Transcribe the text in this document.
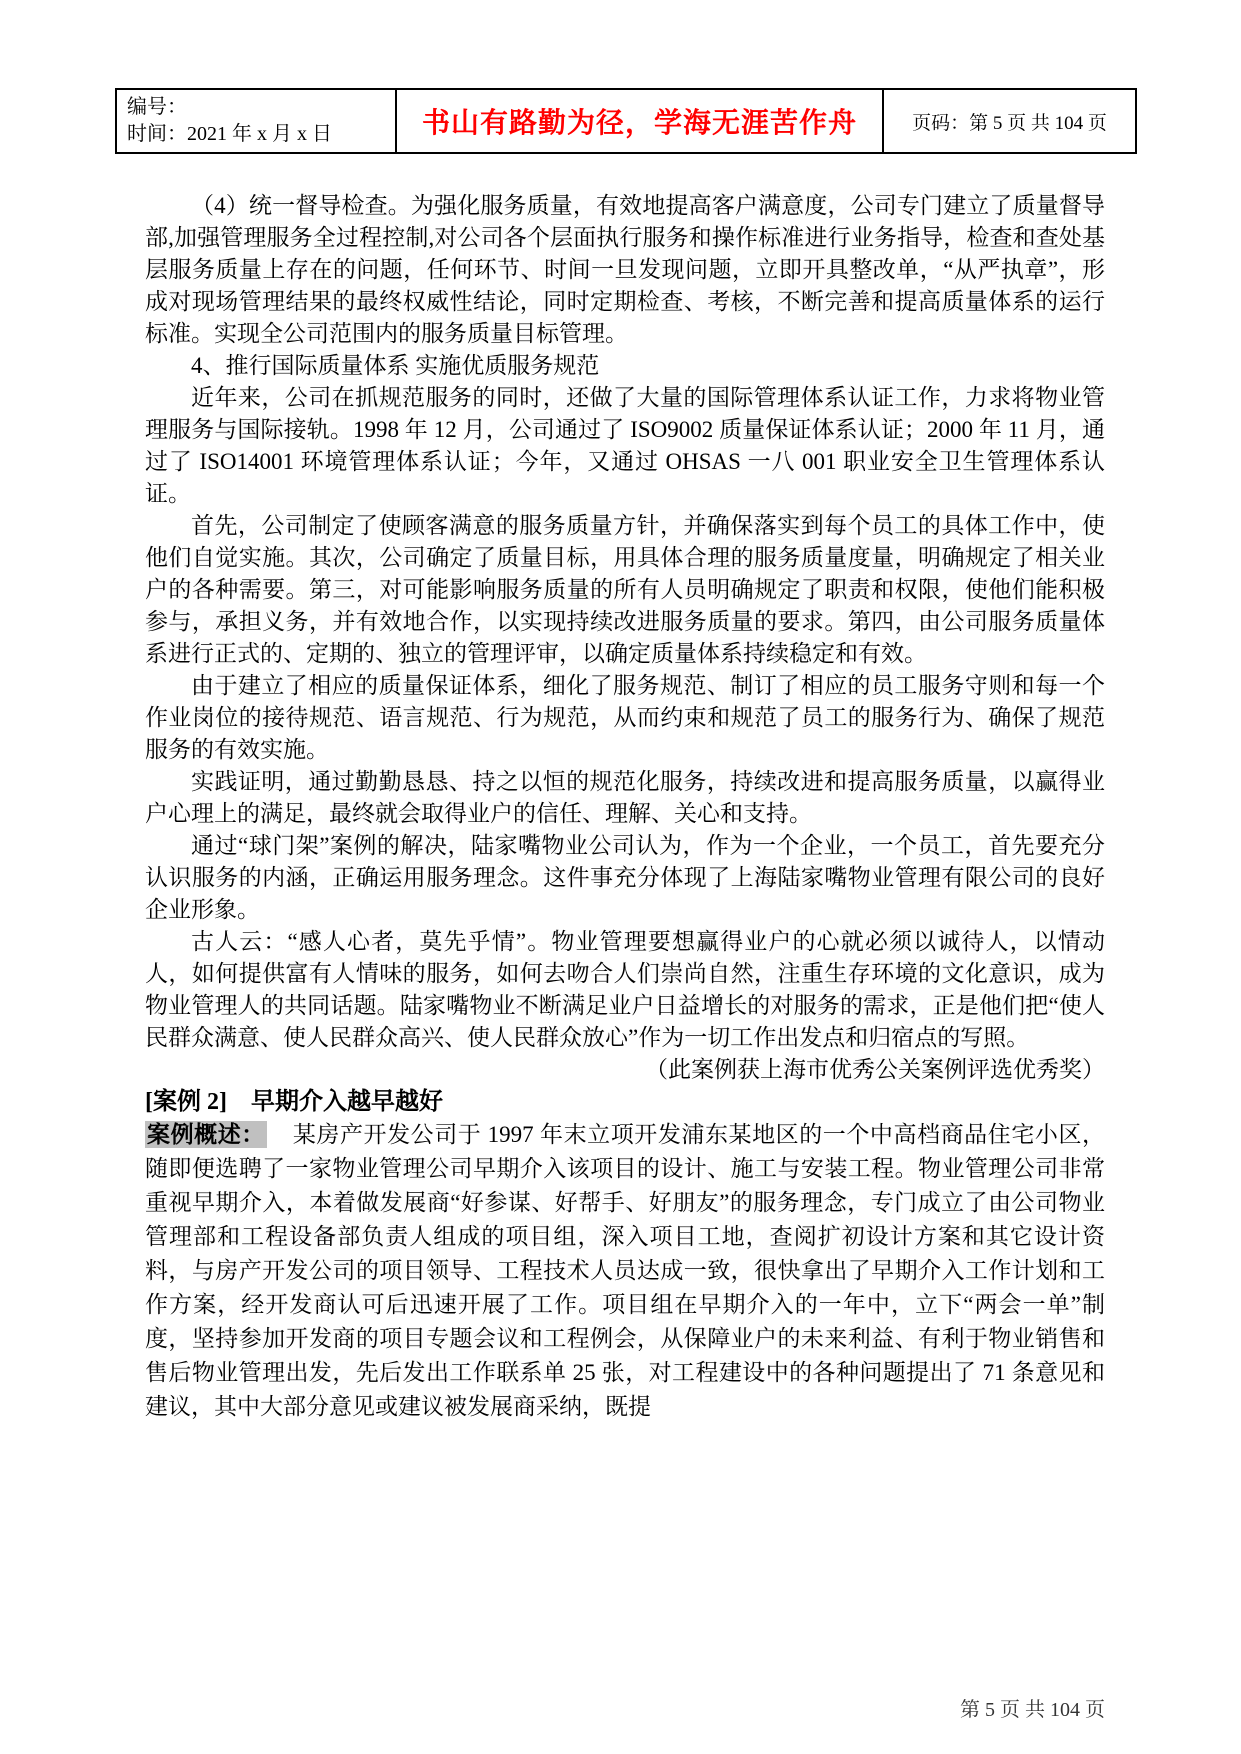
编号：
时间：2021 年 x 月 x 日	书山有路勤为径，学海无涯苦作舟	页码：第 5 页 共 104 页

（4）统一督导检查。为强化服务质量，有效地提高客户满意度，公司专门建立了质量督导部,加强管理服务全过程控制,对公司各个层面执行服务和操作标准进行业务指导，检查和查处基层服务质量上存在的问题，任何环节、时间一旦发现问题，立即开具整改单，“从严执章”，形成对现场管理结果的最终权威性结论，同时定期检查、考核，不断完善和提高质量体系的运行标准。实现全公司范围内的服务质量目标管理。

4、推行国际质量体系 实施优质服务规范

近年来，公司在抓规范服务的同时，还做了大量的国际管理体系认证工作，力求将物业管理服务与国际接轨。1998 年 12 月，公司通过了 ISO9002 质量保证体系认证；2000 年 11 月，通过了 ISO14001 环境管理体系认证；今年，又通过 OHSAS 一八 001 职业安全卫生管理体系认证。

首先，公司制定了使顾客满意的服务质量方针，并确保落实到每个员工的具体工作中，使他们自觉实施。其次，公司确定了质量目标，用具体合理的服务质量度量，明确规定了相关业户的各种需要。第三，对可能影响服务质量的所有人员明确规定了职责和权限，使他们能积极参与，承担义务，并有效地合作，以实现持续改进服务质量的要求。第四，由公司服务质量体系进行正式的、定期的、独立的管理评审，以确定质量体系持续稳定和有效。

由于建立了相应的质量保证体系，细化了服务规范、制订了相应的员工服务守则和每一个作业岗位的接待规范、语言规范、行为规范，从而约束和规范了员工的服务行为、确保了规范服务的有效实施。

实践证明，通过勤勤恳恳、持之以恒的规范化服务，持续改进和提高服务质量，以赢得业户心理上的满足，最终就会取得业户的信任、理解、关心和支持。

通过“球门架”案例的解决，陆家嘴物业公司认为，作为一个企业，一个员工，首先要充分认识服务的内涵，正确运用服务理念。这件事充分体现了上海陆家嘴物业管理有限公司的良好企业形象。

古人云：“感人心者，莫先乎情”。物业管理要想赢得业户的心就必须以诚待人，以情动人，如何提供富有人情味的服务，如何去吻合人们崇尚自然，注重生存环境的文化意识，成为物业管理人的共同话题。陆家嘴物业不断满足业户日益增长的对服务的需求，正是他们把“使人民群众满意、使人民群众高兴、使人民群众放心”作为一切工作出发点和归宿点的写照。

（此案例获上海市优秀公关案例评选优秀奖）

[案例 2]　早期介入越早越好

案例概述： 某房产开发公司于 1997 年末立项开发浦东某地区的一个中高档商品住宅小区，随即便选聘了一家物业管理公司早期介入该项目的设计、施工与安装工程。物业管理公司非常重视早期介入，本着做发展商“好参谋、好帮手、好朋友”的服务理念，专门成立了由公司物业管理部和工程设备部负责人组成的项目组，深入项目工地，查阅扩初设计方案和其它设计资料，与房产开发公司的项目领导、工程技术人员达成一致，很快拿出了早期介入工作计划和工作方案，经开发商认可后迅速开展了工作。项目组在早期介入的一年中，立下“两会一单”制度，坚持参加开发商的项目专题会议和工程例会，从保障业户的未来利益、有利于物业销售和售后物业管理出发，先后发出工作联系单 25 张，对工程建设中的各种问题提出了 71 条意见和建议，其中大部分意见或建议被发展商采纳，既提

第 5 页 共 104 页
